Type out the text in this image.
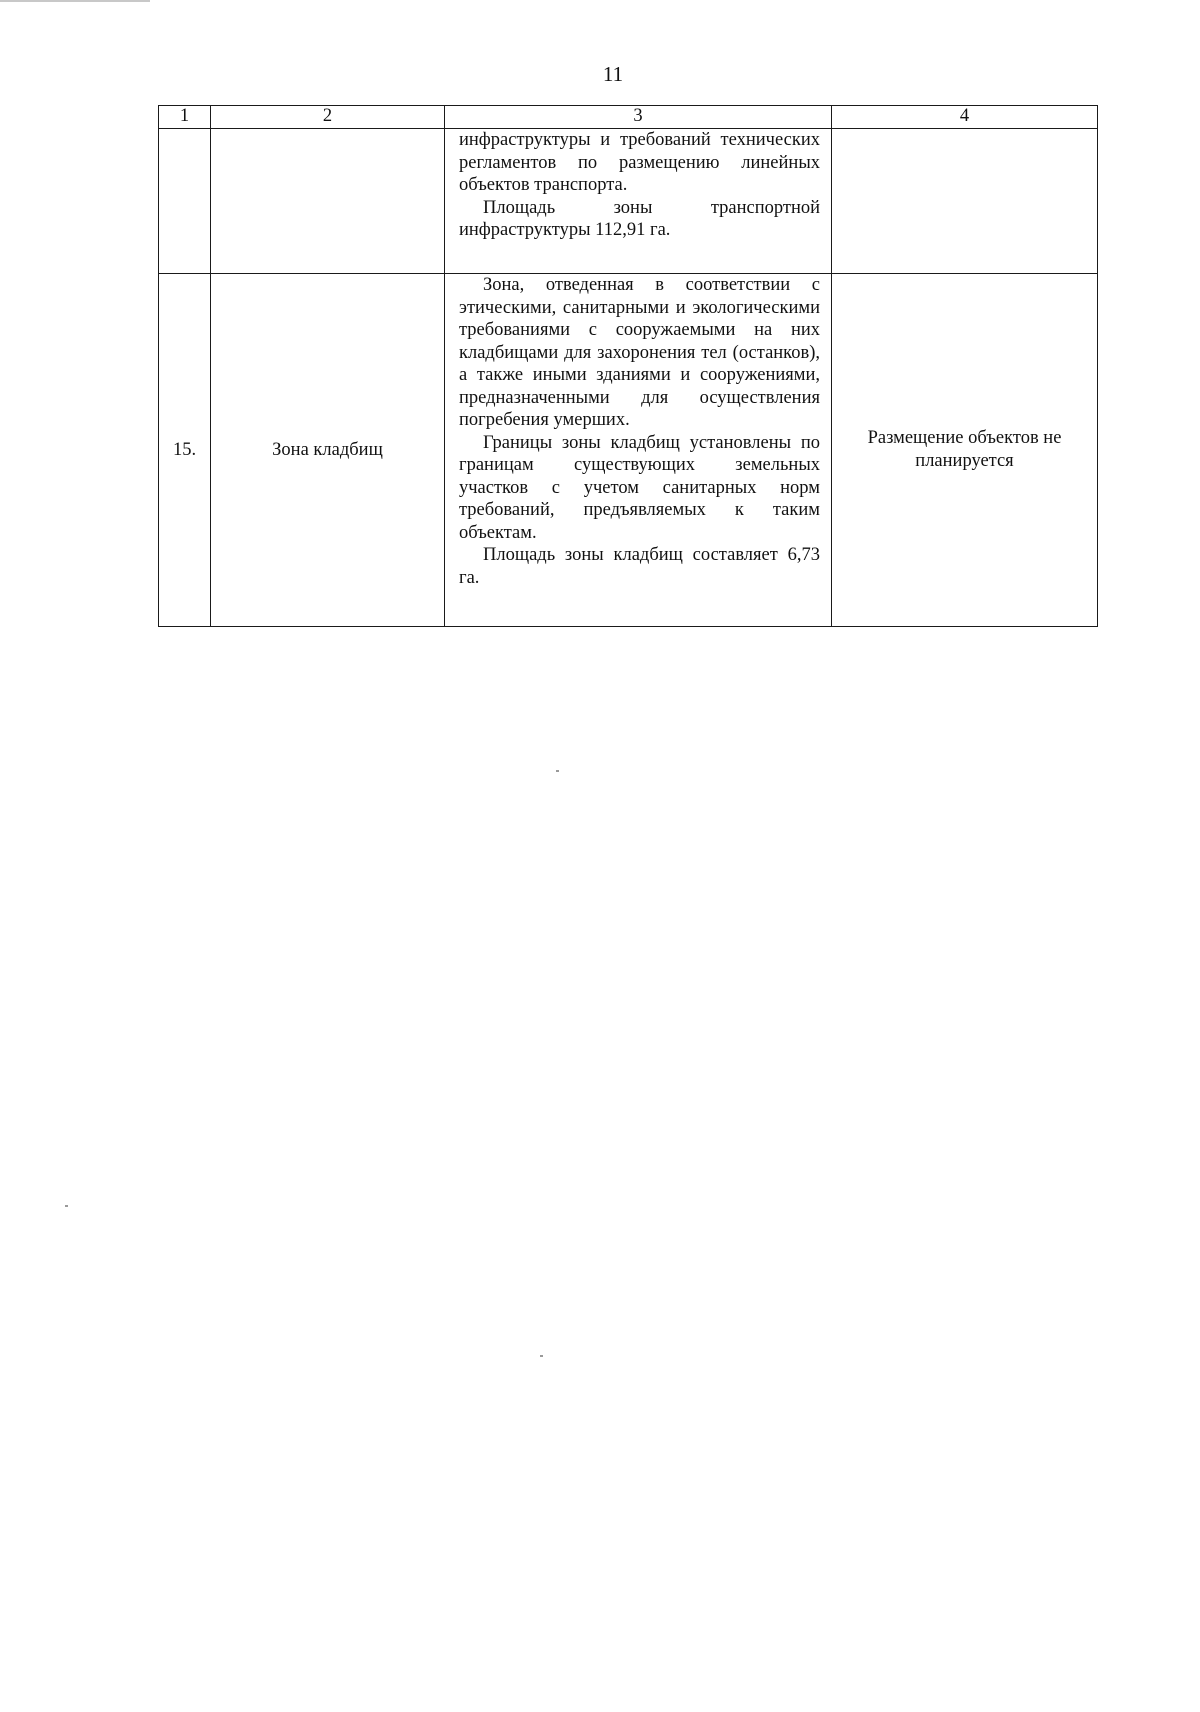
11
1	2	3	4

		инфраструктуры и требований технических регламентов по размещению линейных объектов транспорта.

Площадь зоны транспортной инфраструктуры 112,91 га.	

15.	Зона кладбищ	Зона, отведенная в соответствии с этическими, санитарными и экологическими требованиями с сооружаемыми на них кладбищами для захоронения тел (останков), а также иными зданиями и сооружениями, предназначенными для осуществления погребения умерших.

Границы зоны кладбищ установлены по границам существующих земельных участков с учетом санитарных норм требований, предъявляемых к таким объектам.

Площадь зоны кладбищ составляет 6,73 га.	Размещение объектов не планируется
